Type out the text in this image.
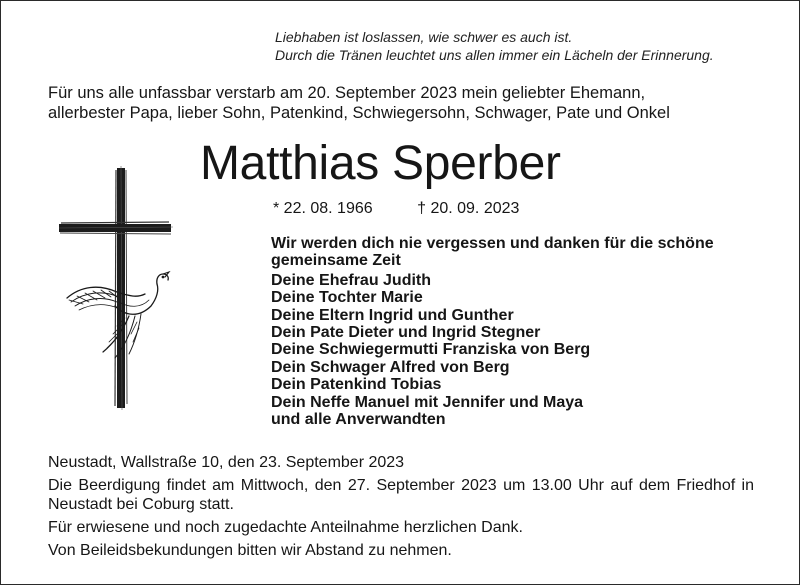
Liebhaben ist loslassen, wie schwer es auch ist.
Durch die Tränen leuchtet uns allen immer ein Lächeln der Erinnerung.
Für uns alle unfassbar verstarb am 20. September 2023 mein geliebter Ehemann,
allerbester Papa, lieber Sohn, Patenkind, Schwiegersohn, Schwager, Pate und Onkel
Matthias Sperber
* 22. 08. 1966	† 20. 09. 2023
Wir werden dich nie vergessen und danken für die schöne gemeinsame Zeit
Deine Ehefrau Judith
Deine Tochter Marie
Deine Eltern Ingrid und Gunther
Dein Pate Dieter und Ingrid Stegner
Deine Schwiegermutti Franziska von Berg
Dein Schwager Alfred von Berg
Dein Patenkind Tobias
Dein Neffe Manuel mit Jennifer und Maya
und alle Anverwandten

Neustadt, Wallstraße 10, den 23. September 2023

Die Beerdigung findet am Mittwoch, den 27. September 2023 um 13.00 Uhr auf dem Friedhof in Neustadt bei Coburg statt.

Für erwiesene und noch zugedachte Anteilnahme herzlichen Dank.

Von Beileidsbekundungen bitten wir Abstand zu nehmen.
